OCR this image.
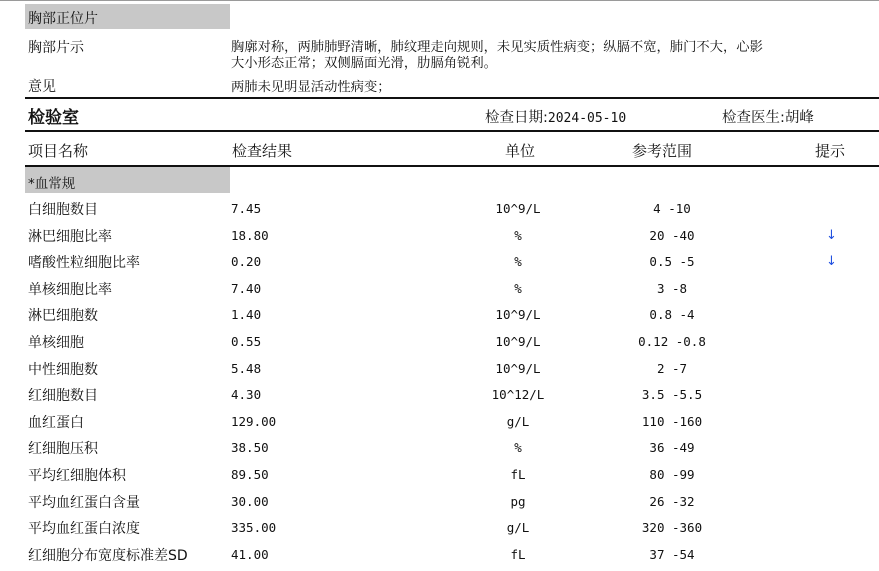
胸部正位片
胸部片示	胸廓对称，两肺肺野清晰，肺纹理走向规则，未见实质性病变；纵膈不宽，肺门不大，心影
大小形态正常；双侧膈面光滑，肋膈角锐利。
意见	两肺未见明显活动性病变；
检验室	检查日期:2024-05-10	检查医生:胡峰
项目名称	检查结果	单位	参考范围	提示
*血常规
白细胞数目	7.45	10^9/L	4 -10
淋巴细胞比率	18.80	%	20 -40	↓
嗜酸性粒细胞比率	0.20	%	0.5 -5	↓
单核细胞比率	7.40	%	3 -8
淋巴细胞数	1.40	10^9/L	0.8 -4
单核细胞	0.55	10^9/L	0.12 -0.8
中性细胞数	5.48	10^9/L	2 -7
红细胞数目	4.30	10^12/L	3.5 -5.5
血红蛋白	129.00	g/L	110 -160
红细胞压积	38.50	%	36 -49
平均红细胞体积	89.50	fL	80 -99
平均血红蛋白含量	30.00	pg	26 -32
平均血红蛋白浓度	335.00	g/L	320 -360
红细胞分布宽度标准差SD	41.00	fL	37 -54
